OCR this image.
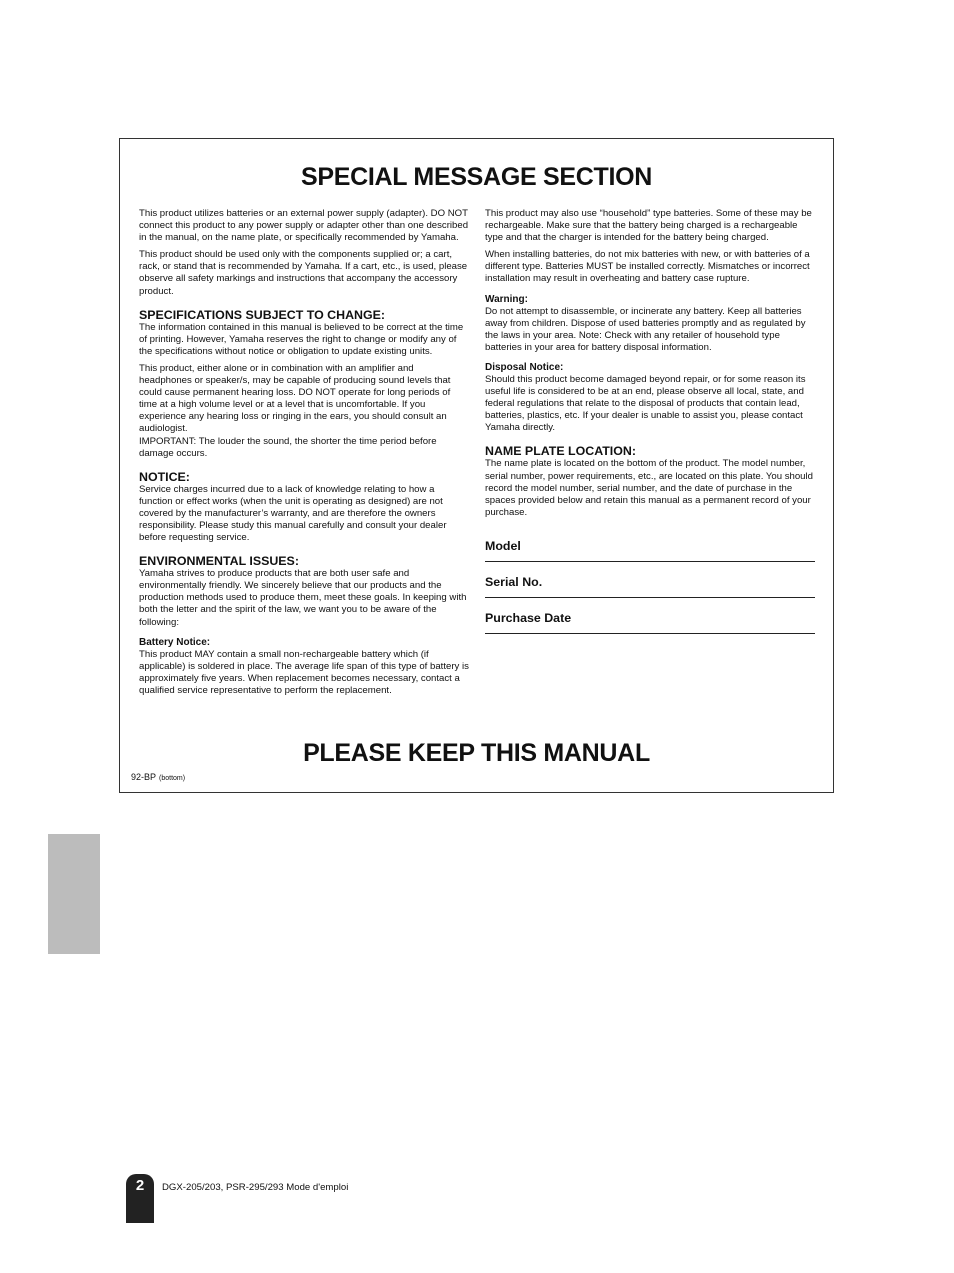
SPECIAL MESSAGE SECTION

This product utilizes batteries or an external power supply (adapter). DO NOT connect this product to any power supply or adapter other than one described in the manual, on the name plate, or specifically recommended by Yamaha.

This product should be used only with the components supplied or; a cart, rack, or stand that is recommended by Yamaha. If a cart, etc., is used, please observe all safety markings and instructions that accompany the accessory product.

SPECIFICATIONS SUBJECT TO CHANGE:

The information contained in this manual is believed to be correct at the time of printing. However, Yamaha reserves the right to change or modify any of the specifications without notice or obligation to update existing units.

This product, either alone or in combination with an amplifier and headphones or speaker/s, may be capable of producing sound levels that could cause permanent hearing loss. DO NOT operate for long periods of time at a high volume level or at a level that is uncomfortable. If you experience any hearing loss or ringing in the ears, you should consult an audiologist.

IMPORTANT: The louder the sound, the shorter the time period before damage occurs.

NOTICE:

Service charges incurred due to a lack of knowledge relating to how a function or effect works (when the unit is operating as designed) are not covered by the manufacturer’s warranty, and are therefore the owners responsibility. Please study this manual carefully and consult your dealer before requesting service.

ENVIRONMENTAL ISSUES:

Yamaha strives to produce products that are both user safe and environmentally friendly. We sincerely believe that our products and the production methods used to produce them, meet these goals. In keeping with both the letter and the spirit of the law, we want you to be aware of the following:

Battery Notice:

This product MAY contain a small non-rechargeable battery which (if applicable) is soldered in place. The average life span of this type of battery is approximately five years. When replacement becomes necessary, contact a qualified service representative to perform the replacement.

This product may also use “household” type batteries. Some of these may be rechargeable. Make sure that the battery being charged is a rechargeable type and that the charger is intended for the battery being charged.

When installing batteries, do not mix batteries with new, or with batteries of a different type. Batteries MUST be installed correctly. Mismatches or incorrect installation may result in overheating and battery case rupture.

Warning:

Do not attempt to disassemble, or incinerate any battery. Keep all batteries away from children. Dispose of used batteries promptly and as regulated by the laws in your area. Note: Check with any retailer of household type batteries in your area for battery disposal information.

Disposal Notice:

Should this product become damaged beyond repair, or for some reason its useful life is considered to be at an end, please observe all local, state, and federal regulations that relate to the disposal of products that contain lead, batteries, plastics, etc. If your dealer is unable to assist you, please contact Yamaha directly.

NAME PLATE LOCATION:

The name plate is located on the bottom of the product. The model number, serial number, power requirements, etc., are located on this plate. You should record the model number, serial number, and the date of purchase in the spaces provided below and retain this manual as a permanent record of your purchase.

Model
Serial No.
Purchase Date
PLEASE KEEP THIS MANUAL
92-BP (bottom)
2	DGX-205/203, PSR-295/293 Mode d'emploi
